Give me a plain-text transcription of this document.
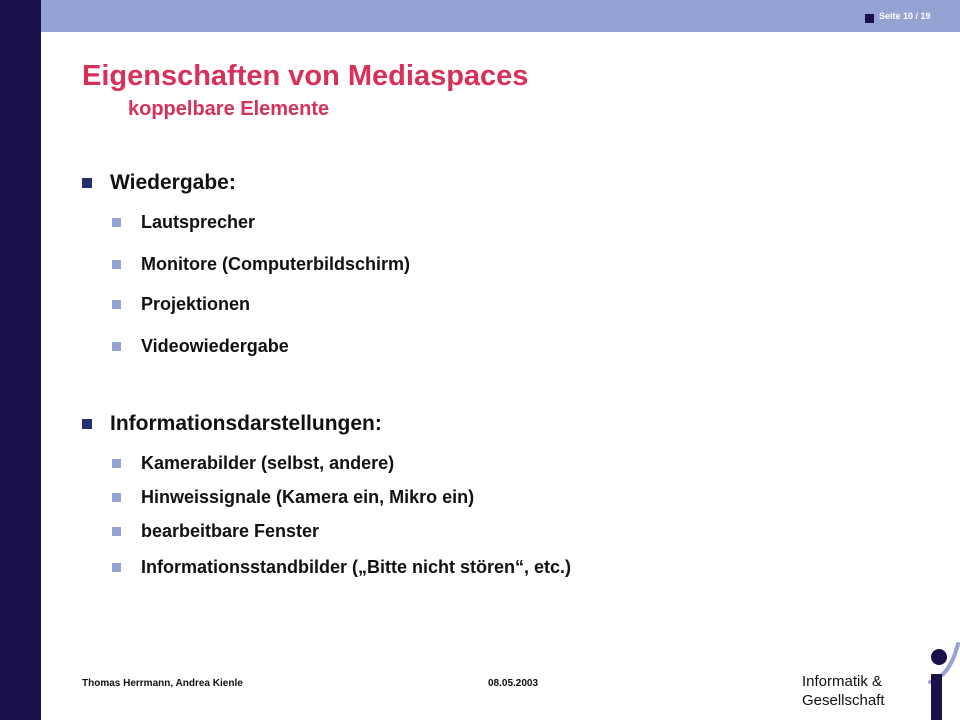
Seite 10 / 19
Eigenschaften von Mediaspaces
koppelbare Elemente
Wiedergabe:
Lautsprecher
Monitore (Computerbildschirm)
Projektionen
Videowiedergabe
Informationsdarstellungen:
Kamerabilder (selbst, andere)
Hinweissignale (Kamera ein, Mikro ein)
bearbeitbare Fenster
Informationsstandbilder („Bitte nicht stören“, etc.)
Thomas Herrmann, Andrea Kienle	08.05.2003	Informatik &
Gesellschaft
